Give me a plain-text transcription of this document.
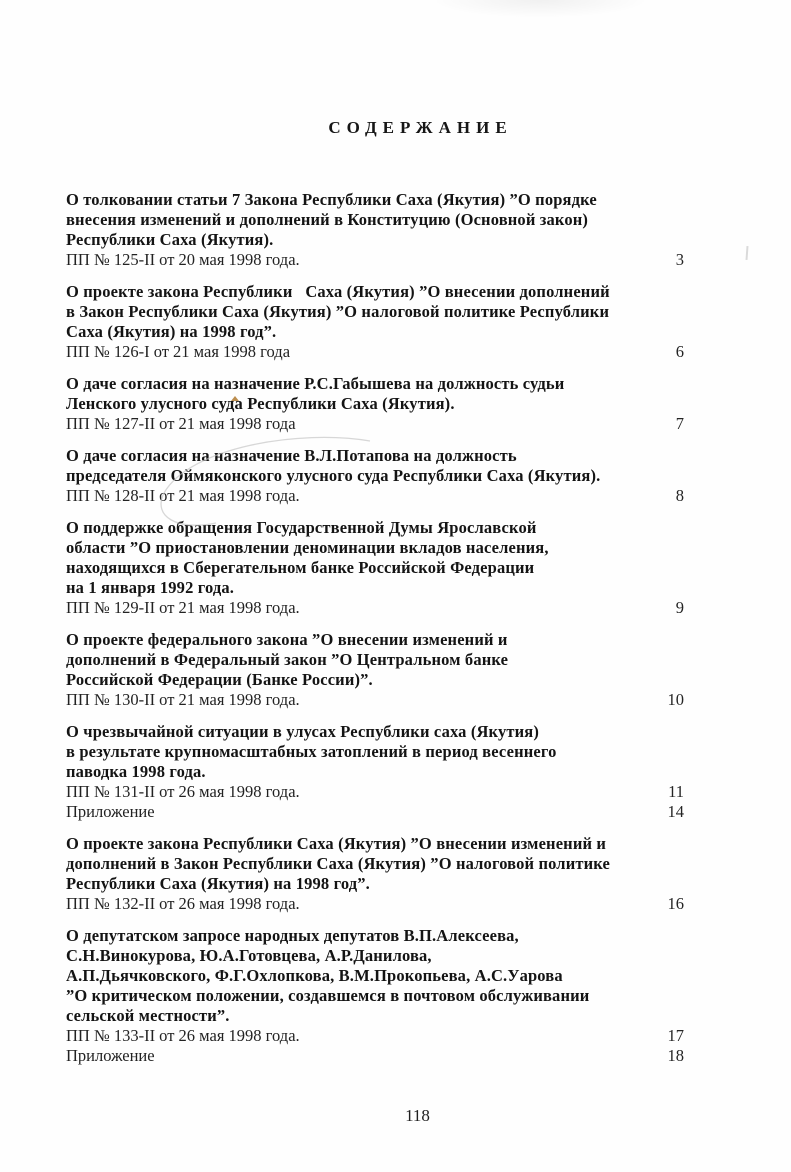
СОДЕРЖАНИЕ
О толковании статьи 7 Закона Республики Саха (Якутия) ”О порядке
внесения изменений и дополнений в Конституцию (Основной закон)
Республики Саха (Якутия).
ПП № 125-II от 20 мая 1998 года.	3
О проекте закона Республики   Саха (Якутия) ”О внесении дополнений
в Закон Республики Саха (Якутия) ”О налоговой политике Республики
Саха (Якутия) на 1998 год”.
ПП № 126-I от 21 мая 1998 года	6
О даче согласия на назначение Р.С.Габышева на должность судьи
Ленского улусного суда Республики Саха (Якутия).
ПП № 127-II от 21 мая 1998 года	7
О даче согласия на назначение В.Л.Потапова на должность
председателя Оймяконского улусного суда Республики Саха (Якутия).
ПП № 128-II от 21 мая 1998 года.	8
О поддержке обращения Государственной Думы Ярославской
области ”О приостановлении деноминации вкладов населения,
находящихся в Сберегательном банке Российской Федерации
на 1 января 1992 года.
ПП № 129-II от 21 мая 1998 года.	9
О проекте федерального закона ”О внесении изменений и
дополнений в Федеральный закон ”О Центральном банке
Российской Федерации (Банке России)”.
ПП № 130-II от 21 мая 1998 года.	10
О чрезвычайной ситуации в улусах Республики саха (Якутия)
в результате крупномасштабных затоплений в период весеннего
паводка 1998 года.
ПП № 131-II от 26 мая 1998 года.	11
Приложение	14
О проекте закона Республики Саха (Якутия) ”О внесении изменений и
дополнений в Закон Республики Саха (Якутия) ”О налоговой политике
Республики Саха (Якутия) на 1998 год”.
ПП № 132-II от 26 мая 1998 года.	16
О депутатском запросе народных депутатов В.П.Алексеева,
С.Н.Винокурова, Ю.А.Готовцева, А.Р.Данилова,
А.П.Дьячковского, Ф.Г.Охлопкова, В.М.Прокопьева, А.С.Уарова
”О критическом положении, создавшемся в почтовом обслуживании
сельской местности”.
ПП № 133-II от 26 мая 1998 года.	17
Приложение	18
118
